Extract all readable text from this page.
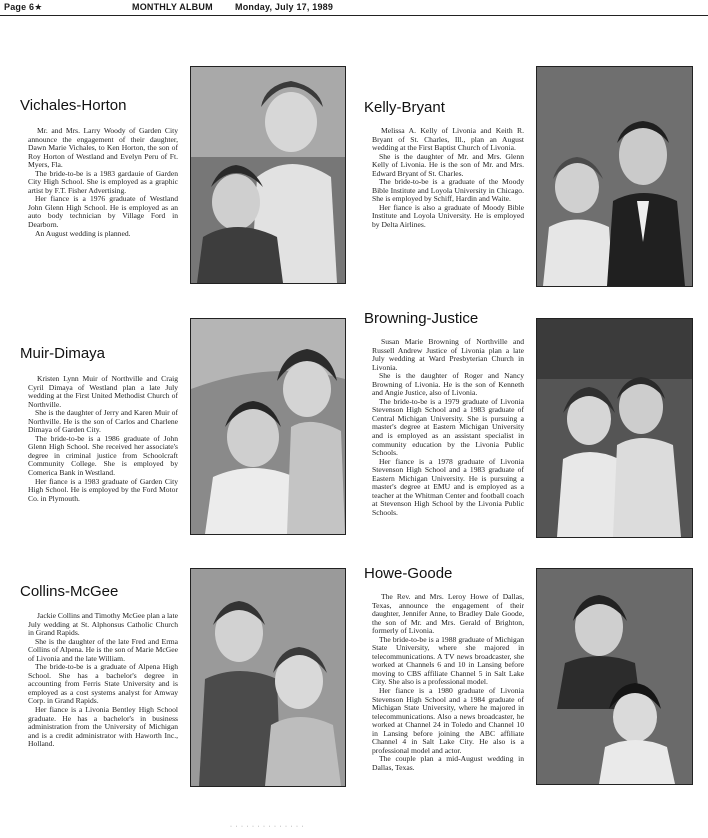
Page 6★	MONTHLY ALBUM Monday, July 17, 1989
Vichales-Horton

Mr. and Mrs. Larry Woody of Garden City announce the engagement of their daughter, Dawn Marie Vichales, to Ken Horton, the son of Roy Horton of Westland and Evelyn Peru of Ft. Myers, Fla.

The bride-to-be is a 1983 gardauie of Garden City High School. She is employed as a graphic artist by F.T. Fisher Advertising.

Her fiance is a 1976 graduate of Westland John Glenn High School. He is employed as an auto body technician by Village Ford in Dearborn.

An August wedding is planned.

Kelly-Bryant

Melissa A. Kelly of Livonia and Keith R. Bryant of St. Charles, Ill., plan an August wedding at the First Baptist Church of Livonia.

She is the daughter of Mr. and Mrs. Glenn Kelly of Livonia. He is the son of Mr. and Mrs. Edward Bryant of St. Charles.

The bride-to-be is a graduate of the Moody Bible Institute and Loyola University in Chicago. She is employed by Schiff, Hardin and Waite.

Her fiance is also a graduate of Moody Bible Institute and Loyola University. He is employed by Delta Airlines.

Browning-Justice
Muir-Dimaya

Kristen Lynn Muir of Northville and Craig Cyril Dimaya of Westland plan a late July wedding at the First United Methodist Church of Northville.

She is the daughter of Jerry and Karen Muir of Northville. He is the son of Carlos and Charlene Dimaya of Garden City.

The bride-to-be is a 1986 graduate of John Glenn High School. She received her associate's degree in criminal justice from Schoolcraft Community College. She is employed by Comerica Bank in Westland.

Her fiance is a 1983 graduate of Garden City High School. He is employed by the Ford Motor Co. in Plymouth.

Susan Marie Browning of Northville and Russell Andrew Justice of Livonia plan a late July wedding at Ward Presbyterian Church in Livonia.

She is the daughter of Roger and Nancy Browning of Livonia. He is the son of Kenneth and Angie Justice, also of Livonia.

The bride-to-be is a 1979 graduate of Livonia Stevenson High School and a 1983 graduate of Central Michigan University. She is pursuing a master's degree at Eastern Michigan University and is employed as an assistant specialist in community education by the Livonia Public Schools.

Her fiance is a 1978 graduate of Livonia Stevenson High School and a 1983 graduate of Eastern Michigan University. He is pursuing a master's degree at EMU and is employed as a teacher at the Whitman Center and football coach at Stevenson High School by the Livonia Public Schools.

Collins-McGee

Jackie Collins and Timothy McGee plan a late July wedding at St. Alphonsus Catholic Church in Grand Rapids.

She is the daughter of the late Fred and Erma Collins of Alpena. He is the son of Marie McGee of Livonia and the late William.

The bride-to-be is a graduate of Alpena High School. She has a bachelor's degree in accounting from Ferris State University and is employed as a cost systems analyst for Amway Corp. in Grand Rapids.

Her fiance is a Livonia Bentley High School graduate. He has a bachelor's in business administration from the University of Michigan and is a credit administrator with Haworth Inc., Holland.

Howe-Goode

The Rev. and Mrs. Leroy Howe of Dallas, Texas, announce the engagement of their daughter, Jennifer Anne, to Bradley Dale Goode, the son of Mr. and Mrs. Gerald of Brighton, formerly of Livonia.

The bride-to-be is a 1988 graduate of Michigan State University, where she majored in telecommunications. A TV news broadcaster, she worked at Channels 6 and 10 in Lansing before moving to CBS affiliate Channel 5 in Salt Lake City. She also is a professional model.

Her fiance is a 1980 graduate of Livonia Stevenson High School and a 1984 graduate of Michigan State University, where he majored in telecommunications. Also a news broadcaster, he worked at Channel 24 in Toledo and Channel 10 in Lansing before joining the ABC affiliate Channel 4 in Salt Lake City. He also is a professional model and actor.

The couple plan a mid-August wedding in Dallas, Texas.

· · · · · · · · · · · · · ·
